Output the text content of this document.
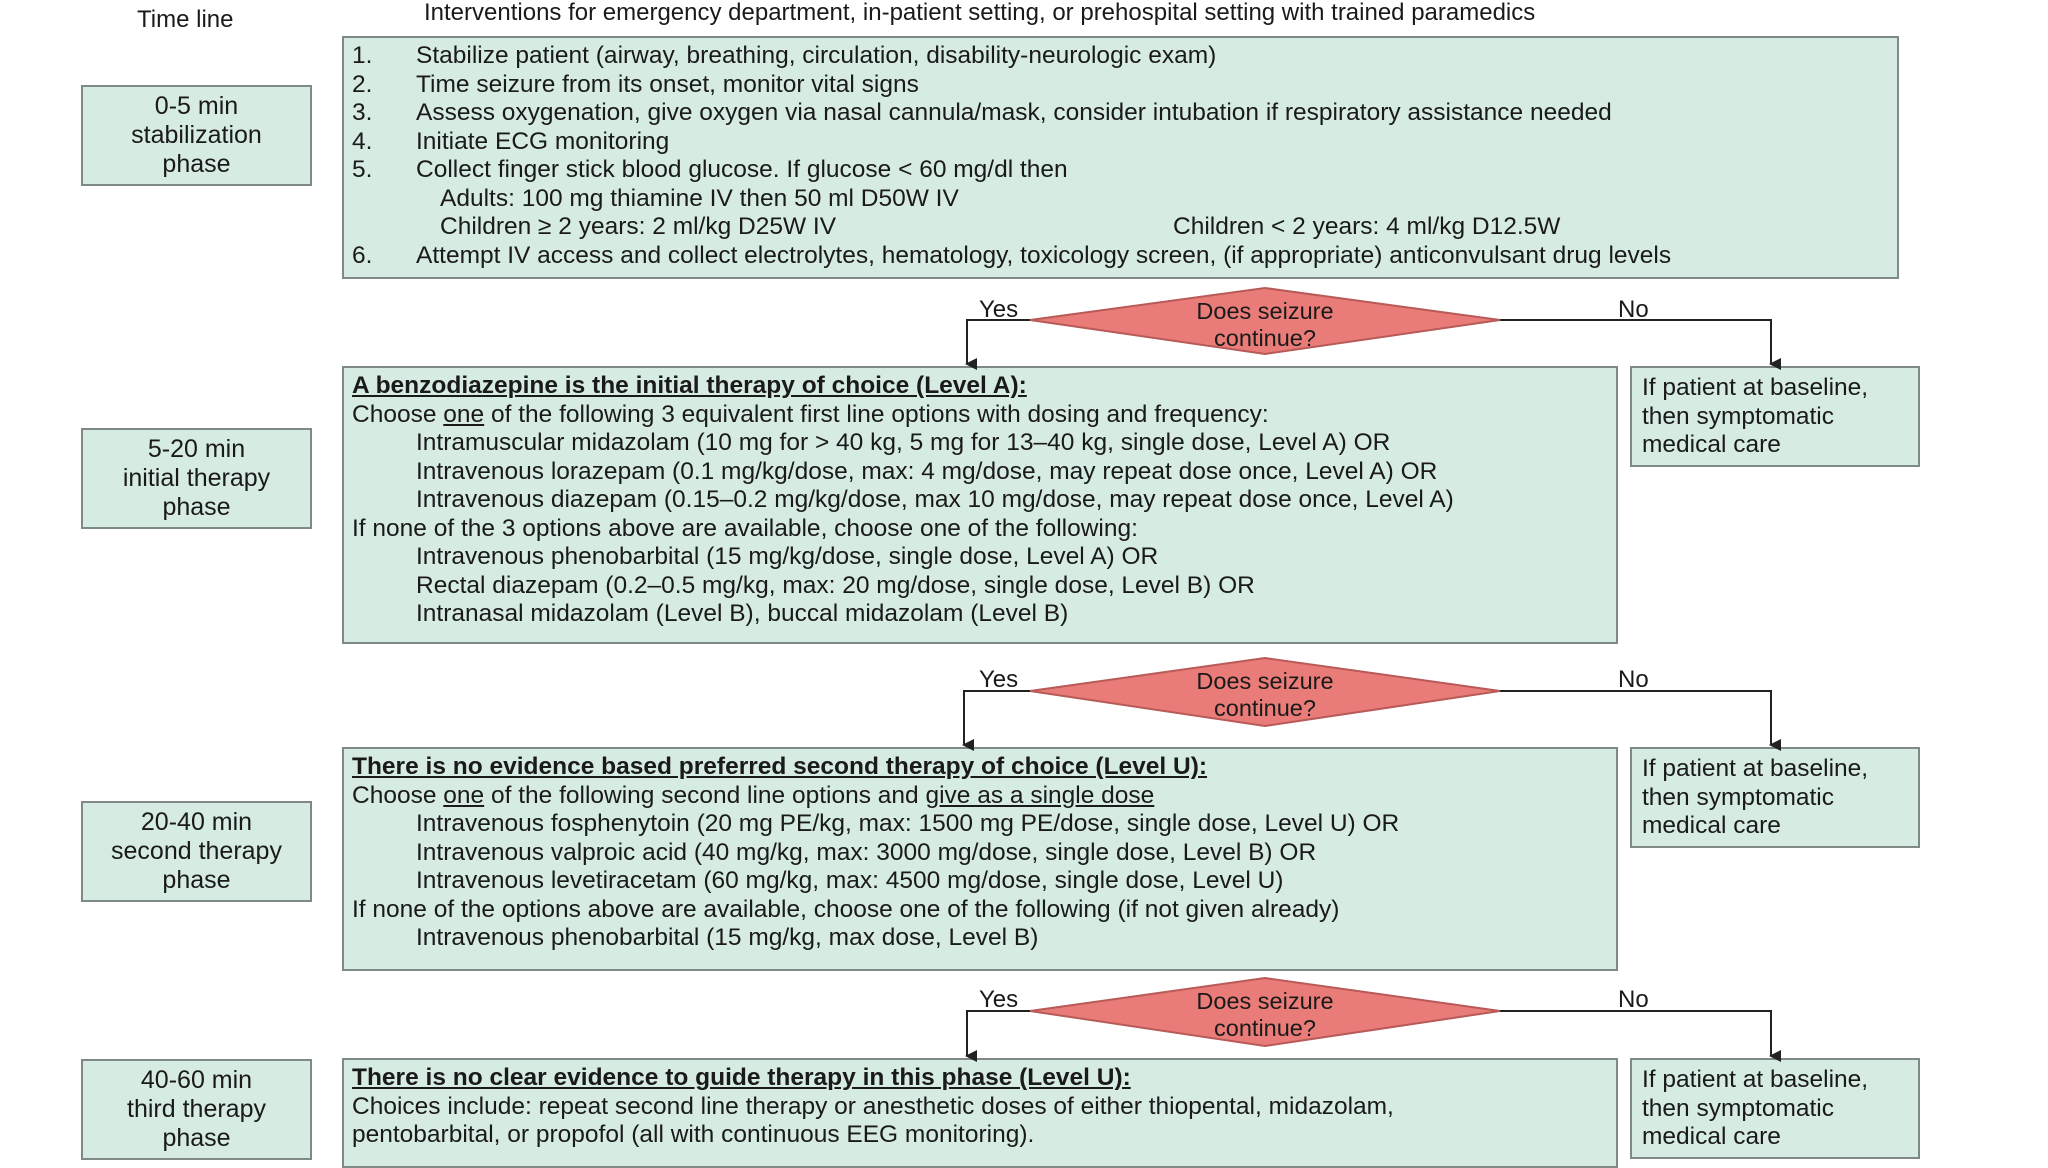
Time line	Interventions for emergency department, in-patient setting, or prehospital setting with trained paramedics
0-5 min
stabilization
phase
5-20 min
initial therapy
phase
20-40 min
second therapy
phase
40-60 min
third therapy
phase
1. Stabilize patient (airway, breathing, circulation, disability-neurologic exam)
2. Time seizure from its onset, monitor vital signs
3. Assess oxygenation, give oxygen via nasal cannula/mask, consider intubation if respiratory assistance needed
4. Initiate ECG monitoring
5. Collect finger stick blood glucose. If glucose < 60 mg/dl then
Adults: 100 mg thiamine IV then 50 ml D50W IV
Children ≥ 2 years: 2 ml/kg D25W IV	Children < 2 years: 4 ml/kg D12.5W
6. Attempt IV access and collect electrolytes, hematology, toxicology screen, (if appropriate) anticonvulsant drug levels
A benzodiazepine is the initial therapy of choice (Level A):
Choose one of the following 3 equivalent first line options with dosing and frequency:
Intramuscular midazolam (10 mg for > 40 kg, 5 mg for 13–40 kg, single dose, Level A) OR
Intravenous lorazepam (0.1 mg/kg/dose, max: 4 mg/dose, may repeat dose once, Level A) OR
Intravenous diazepam (0.15–0.2 mg/kg/dose, max 10 mg/dose, may repeat dose once, Level A)
If none of the 3 options above are available, choose one of the following:
Intravenous phenobarbital (15 mg/kg/dose, single dose, Level A) OR
Rectal diazepam (0.2–0.5 mg/kg, max: 20 mg/dose, single dose, Level B) OR
Intranasal midazolam (Level B), buccal midazolam (Level B)
There is no evidence based preferred second therapy of choice (Level U):
Choose one of the following second line options and give as a single dose
Intravenous fosphenytoin (20 mg PE/kg, max: 1500 mg PE/dose, single dose, Level U) OR
Intravenous valproic acid (40 mg/kg, max: 3000 mg/dose, single dose, Level B) OR
Intravenous levetiracetam (60 mg/kg, max: 4500 mg/dose, single dose, Level U)
If none of the options above are available, choose one of the following (if not given already)
Intravenous phenobarbital (15 mg/kg, max dose, Level B)
There is no clear evidence to guide therapy in this phase (Level U):
Choices include: repeat second line therapy or anesthetic doses of either thiopental, midazolam,
pentobarbital, or propofol (all with continuous EEG monitoring).
If patient at baseline,
then symptomatic
medical care
If patient at baseline,
then symptomatic
medical care
If patient at baseline,
then symptomatic
medical care
Yes	No
Does seizure
continue?
Yes	No
Does seizure
continue?
Yes	No
Does seizure
continue?
